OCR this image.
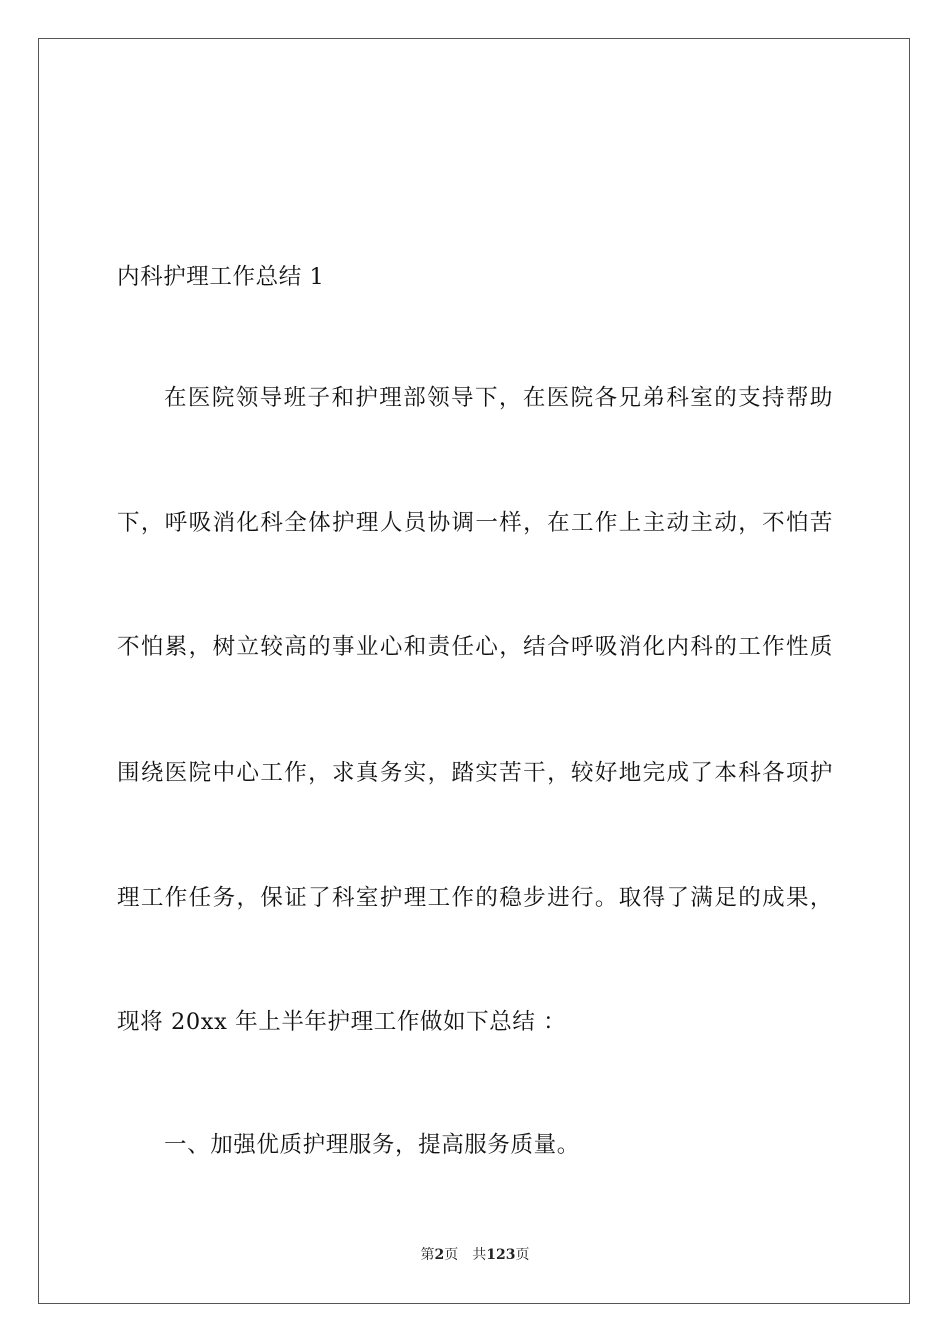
内科护理工作总结 1
在医院领导班子和护理部领导下，在医院各兄弟科室的支持帮助
下，呼吸消化科全体护理人员协调一样，在工作上主动主动，不怕苦
不怕累，树立较高的事业心和责任心，结合呼吸消化内科的工作性质
围绕医院中心工作，求真务实，踏实苦干，较好地完成了本科各项护
理工作任务，保证了科室护理工作的稳步进行。取得了满足的成果，
现将 20xx 年上半年护理工作做如下总结 ：
一、加强优质护理服务，提高服务质量。
第2页 共123页
